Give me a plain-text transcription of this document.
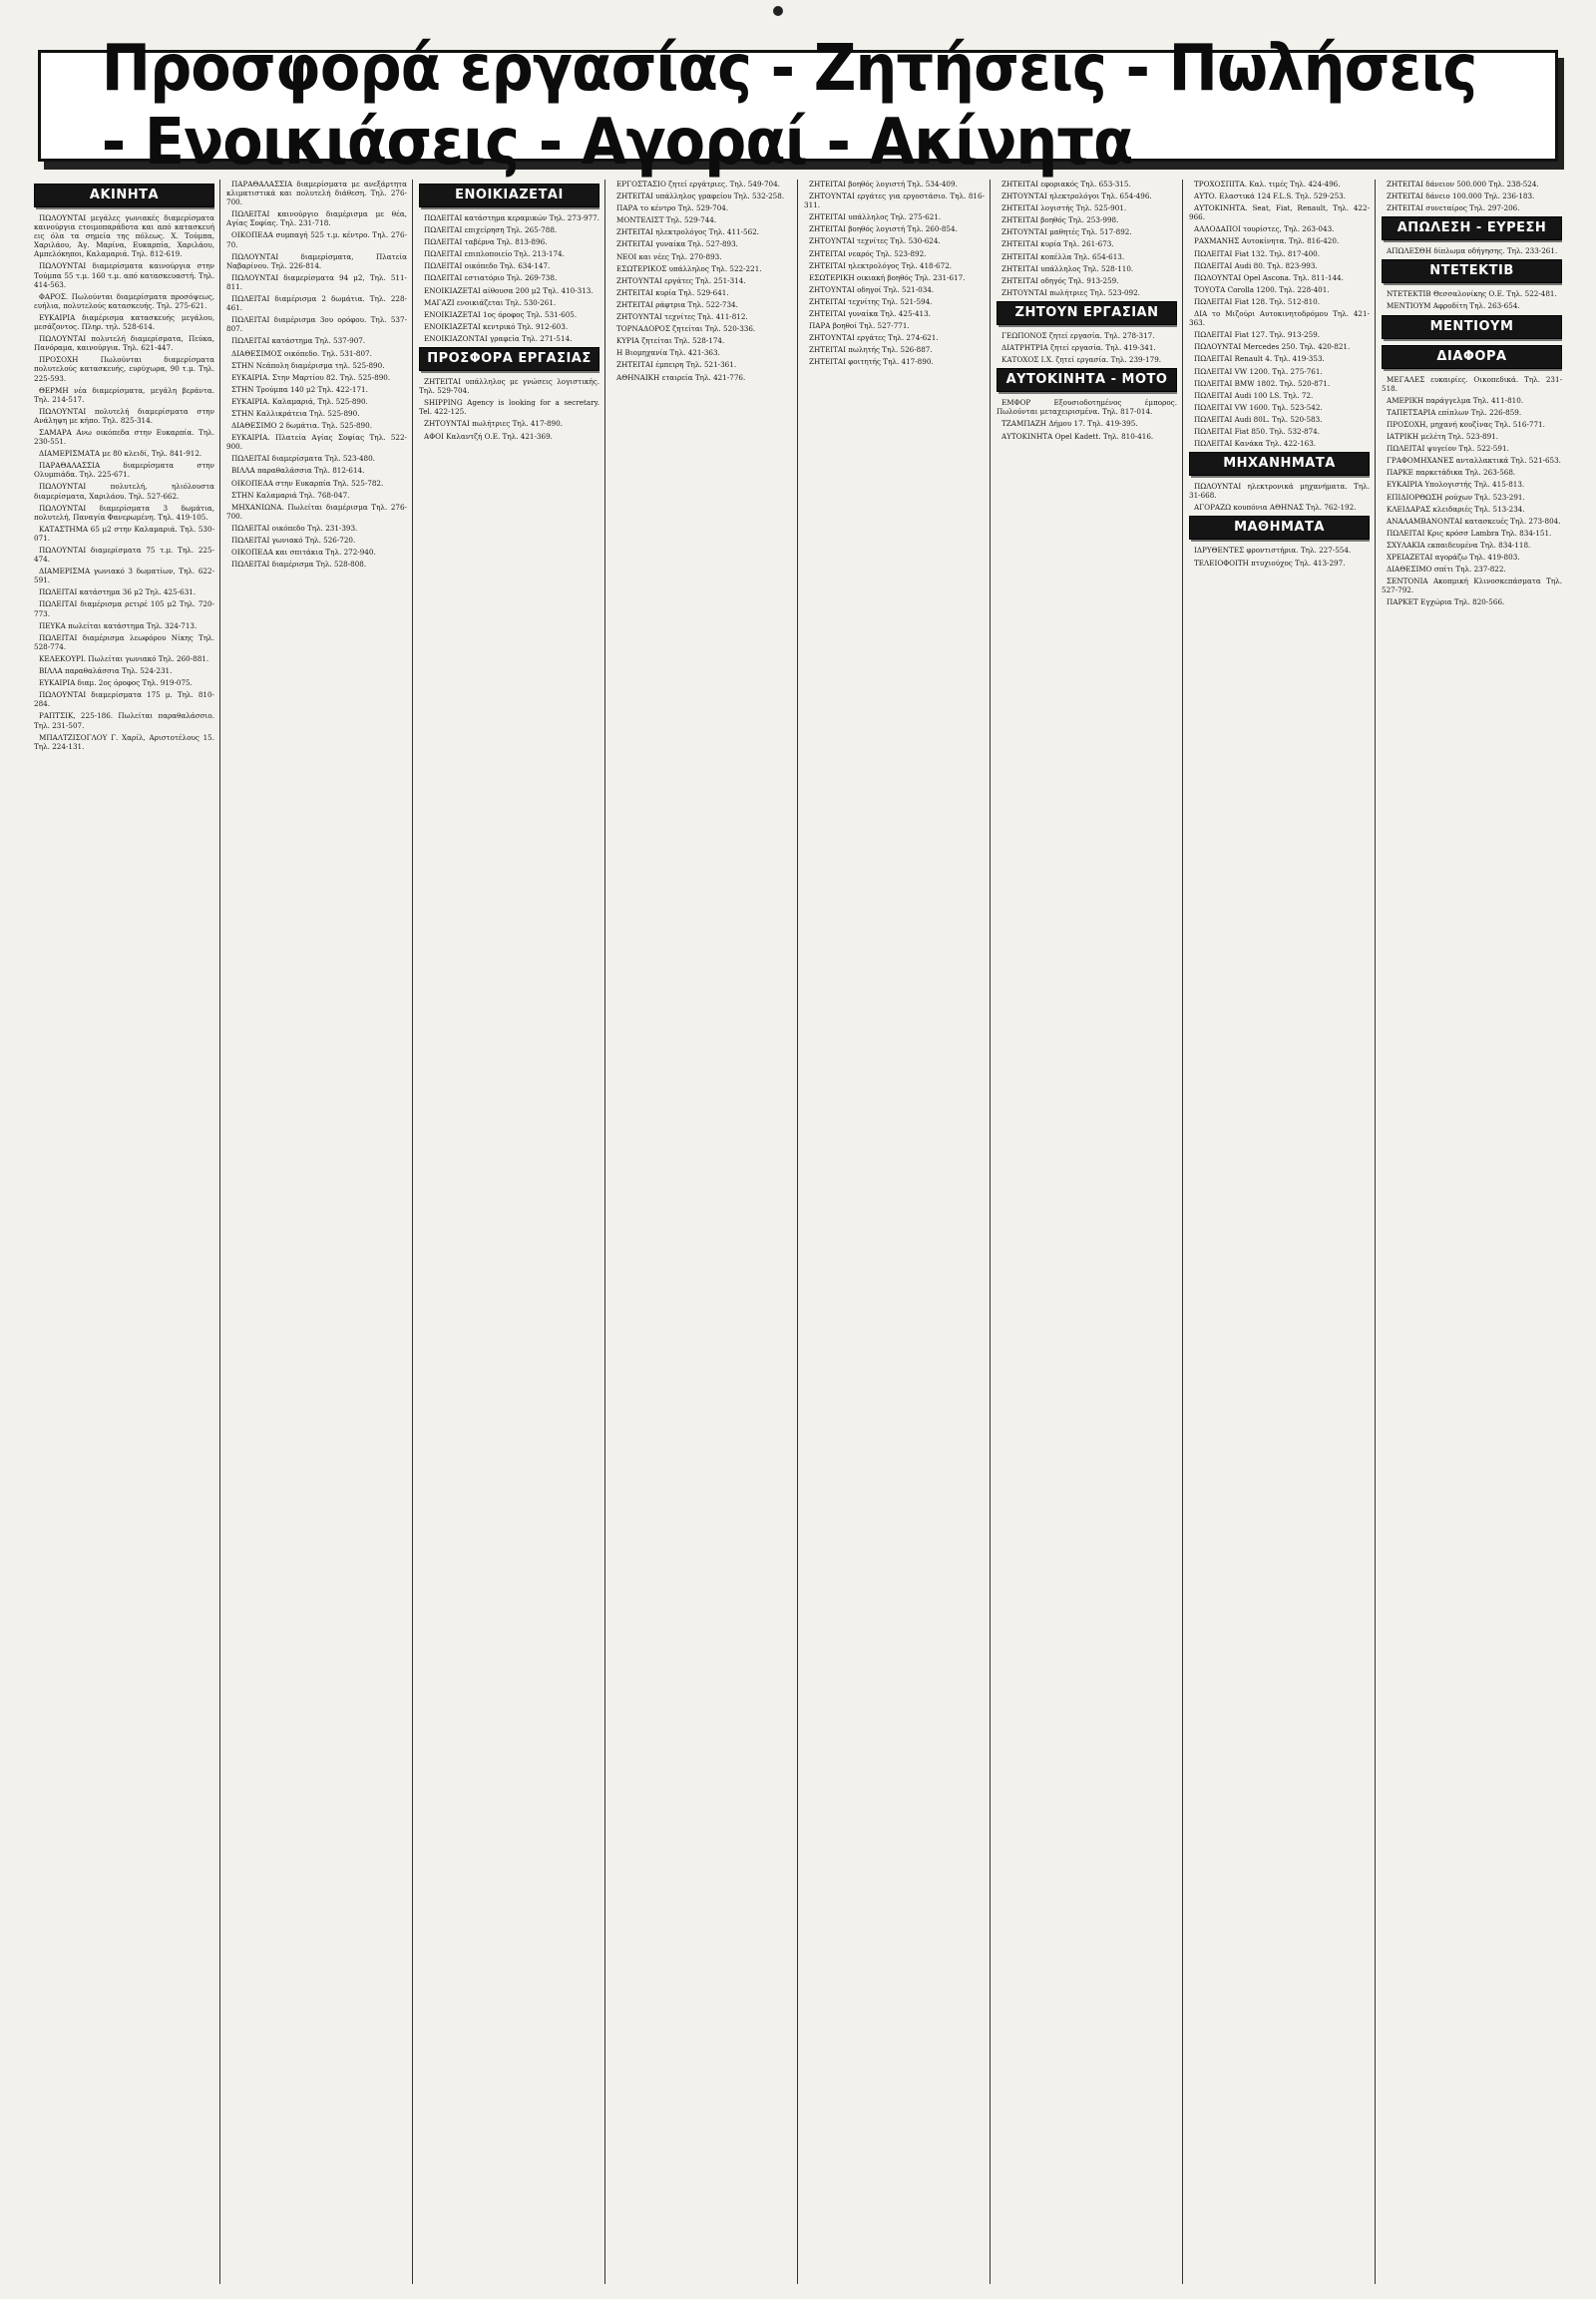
Προσφορά εργασίας - Ζητήσεις - Πωλήσεις - Ενοικιάσεις - Αγοραί - Ακίνητα
ΑΚΙΝΗΤΑ

ΠΩΛΟΥΝΤΑΙ μεγάλες γωνιακές διαμερίσματα καινούργια ετοιμοπαράδοτα και από κατασκευή εις όλα τα σημεία της πόλεως. Χ. Τούμπα, Χαριλάου, Άγ. Μαρίνα, Ευκαρπία, Χαριλάου, Αμπελόκηποι, Καλαμαριά. Τηλ. 812-619.

ΠΩΛΟΥΝΤΑΙ διαμερίσματα καινούργια στην Τούμπα 55 τ.μ. 160 τ.μ. από κατασκευαστή. Τηλ. 414-563.

ΦΑΡΟΣ. Πωλούνται διαμερίσματα προσόψεως, ευήλια, πολυτελούς κατασκευής. Τηλ. 275-621.

ΕΥΚΑΙΡΙΑ διαμέρισμα κατασκευής μεγάλου, μεσάζοντος. Πληρ. τηλ. 528-614.

ΠΩΛΟΥΝΤΑΙ πολυτελή διαμερίσματα, Πεύκα, Πανόραμα, καινούργια. Τηλ. 621-447.

ΠΡΟΣΟΧΗ Πωλούνται διαμερίσματα πολυτελούς κατασκευής, ευρύχωρα, 90 τ.μ. Τηλ. 225-593.

ΘΕΡΜΗ νέα διαμερίσματα, μεγάλη βεράντα. Τηλ. 214-517.

ΠΩΛΟΥΝΤΑΙ πολυτελή διαμερίσματα στην Ανάληψη με κήπο. Τηλ. 825-314.

ΣΑΜΑΡΑ Ανω οικόπεδα στην Ευκαρπία. Τηλ. 230-551.

ΔΙΑΜΕΡΙΣΜΑΤΑ με 80 κλειδί, Τηλ. 841-912.

ΠΑΡΑΘΑΛΑΣΣΙΑ διαμερίσματα στην Ολυμπιάδα. Τηλ. 225-671.

ΠΩΛΟΥΝΤΑΙ πολυτελή, ηλιόλουστα διαμερίσματα, Χαριλάου. Τηλ. 527-662.

ΠΩΛΟΥΝΤΑΙ διαμερίσματα 3 δωμάτια, πολυτελή, Παναγία Φανερωμένη. Τηλ. 419-105.

ΚΑΤΑΣΤΗΜΑ 65 μ2 στην Καλαμαριά. Τηλ. 530-071.

ΠΩΛΟΥΝΤΑΙ διαμερίσματα 75 τ.μ. Τηλ. 225-474.

ΔΙΑΜΕΡΙΣΜΑ γωνιακό 3 δωματίων, Τηλ. 622-591.

ΠΩΛΕΙΤΑΙ κατάστημα 36 μ2 Τηλ. 425-631.

ΠΩΛΕΙΤΑΙ διαμέρισμα ρετιρέ 105 μ2 Τηλ. 720-773.

ΠΕΥΚΑ πωλείται κατάστημα Τηλ. 324-713.

ΠΩΛΕΙΤΑΙ διαμέρισμα λεωφόρου Νίκης Τηλ. 528-774.

ΚΕΛΕΚΟΥΡΙ. Πωλείται γωνιακό Τηλ. 260-881.

ΒΙΛΛΑ παραθαλάσσια Τηλ. 524-231.

ΕΥΚΑΙΡΙΑ διαμ. 2ος όροφος Τηλ. 919-075.

ΠΩΛΟΥΝΤΑΙ διαμερίσματα 175 μ. Τηλ. 810-284.

ΡΑΠΤΣΙΚ, 225-186. Πωλείται παραθαλάσσιο. Τηλ. 231-507.

ΜΠΑΛΤΖΙΣΟΓΛΟΥ Γ. Χαρίλ, Αριστοτέλους 15. Τηλ. 224-131.

ΠΑΡΑΘΑΛΑΣΣΙΑ διαμερίσματα με ανεξάρτητα κλιματιστικά και πολυτελή διάθεση. Τηλ. 276-700.

ΠΩΛΕΙΤΑΙ καινούργιο διαμέρισμα με θέα, Αγίας Σοφίας. Τηλ. 231-718.

ΟΙΚΟΠΕΔΑ συμπαγή 525 τ.μ. κέντρο. Τηλ. 276-70.

ΠΩΛΟΥΝΤΑΙ διαμερίσματα, Πλατεία Ναβαρίνου. Τηλ. 226-814.

ΠΩΛΟΥΝΤΑΙ διαμερίσματα 94 μ2, Τηλ. 511-811.

ΠΩΛΕΙΤΑΙ διαμέρισμα 2 δωμάτια. Τηλ. 228-461.

ΠΩΛΕΙΤΑΙ διαμέρισμα 3ου ορόφου. Τηλ. 537-807.

ΠΩΛΕΙΤΑΙ κατάστημα Τηλ. 537-907.

ΔΙΑΘΕΣΙΜΟΣ οικόπεδο. Τηλ. 531-807.

ΣΤΗΝ Νεάπολη διαμέρισμα τηλ. 525-890.

ΕΥΚΑΙΡΙΑ. Στην Μαρτίου 82. Τηλ. 525-890.

ΣΤΗΝ Τρούμπα 140 μ2 Τηλ. 422-171.

ΕΥΚΑΙΡΙΑ. Καλαμαριά, Τηλ. 525-890.

ΣΤΗΝ Καλλικράτεια Τηλ. 525-890.

ΔΙΑΘΕΣΙΜΟ 2 δωμάτια. Τηλ. 525-890.

ΕΥΚΑΙΡΙΑ. Πλατεία Αγίας Σοφίας Τηλ. 522-900.

ΠΩΛΕΙΤΑΙ διαμερίσματα Τηλ. 523-480.

ΒΙΛΛΑ παραθαλάσσια Τηλ. 812-614.

ΟΙΚΟΠΕΔΑ στην Ευκαρπία Τηλ. 525-782.

ΣΤΗΝ Καλαμαριά Τηλ. 768-047.

ΜΗΧΑΝΙΩΝΑ. Πωλείται διαμέρισμα Τηλ. 276-700.

ΠΩΛΕΙΤΑΙ οικόπεδο Τηλ. 231-393.

ΠΩΛΕΙΤΑΙ γωνιακό Τηλ. 526-720.

ΟΙΚΟΠΕΔΑ και σπιτάκια Τηλ. 272-940.

ΠΩΛΕΙΤΑΙ διαμέρισμα Τηλ. 528-808.

ΕΝΟΙΚΙΑΖΕΤΑΙ

ΠΩΛΕΙΤΑΙ κατάστημα κεραμικών Τηλ. 273-977.

ΠΩΛΕΙΤΑΙ επιχείρηση Τηλ. 265-788.

ΠΩΛΕΙΤΑΙ ταβέρνα Τηλ. 813-896.

ΠΩΛΕΙΤΑΙ επιπλοποιείο Τηλ. 213-174.

ΠΩΛΕΙΤΑΙ οικόπεδο Τηλ. 634-147.

ΠΩΛΕΙΤΑΙ εστιατόριο Τηλ. 269-738.

ΕΝΟΙΚΙΑΖΕΤΑΙ αίθουσα 200 μ2 Τηλ. 410-313.

ΜΑΓΑΖΙ ενοικιάζεται Τηλ. 530-261.

ΕΝΟΙΚΙΑΖΕΤΑΙ 1ος όροφος Τηλ. 531-605.

ΕΝΟΙΚΙΑΖΕΤΑΙ κεντρικό Τηλ. 912-603.

ΕΝΟΙΚΙΑΖΟΝΤΑΙ γραφεία Τηλ. 271-514.

ΠΡΟΣΦΟΡΑ ΕΡΓΑΣΙΑΣ

ΖΗΤΕΙΤΑΙ υπάλληλος με γνώσεις λογιστικής. Τηλ. 529-704.

SHIPPING Agency is looking for a secretary. Tel. 422-125.

ΖΗΤΟΥΝΤΑΙ πωλήτριες Τηλ. 417-890.

ΑΦΟΙ Καλαντζή Ο.Ε. Τηλ. 421-369.

ΕΡΓΟΣΤΑΣΙΟ ζητεί εργάτριες. Τηλ. 549-704.

ΖΗΤΕΙΤΑΙ υπάλληλος γραφείου Τηλ. 532-258.

ΠΑΡΑ το κέντρο Τηλ. 529-704.

ΜΟΝΤΕΛΙΣΤ Τηλ. 529-744.

ΖΗΤΕΙΤΑΙ ηλεκτρολόγος Τηλ. 411-562.

ΖΗΤΕΙΤΑΙ γυναίκα Τηλ. 527-893.

ΝΕΟΙ και νέες Τηλ. 270-893.

ΕΣΩΤΕΡΙΚΟΣ υπάλληλος Τηλ. 522-221.

ΖΗΤΟΥΝΤΑΙ εργάτες Τηλ. 251-314.

ΖΗΤΕΙΤΑΙ κυρία Τηλ. 529-641.

ΖΗΤΕΙΤΑΙ ράφτρια Τηλ. 522-734.

ΖΗΤΟΥΝΤΑΙ τεχνίτες Τηλ. 411-812.

ΤΟΡΝΑΔΟΡΟΣ ζητείται Τηλ. 520-336.

ΚΥΡΙΑ ζητείται Τηλ. 528-174.

Η Βιομηχανία Τηλ. 421-363.

ΖΗΤΕΙΤΑΙ έμπειρη Τηλ. 521-361.

ΑΘΗΝΑΙΚΗ εταιρεία Τηλ. 421-776.

ΖΗΤΕΙΤΑΙ βοηθός λογιστή Τηλ. 534-409.

ΖΗΤΟΥΝΤΑΙ εργάτες για εργοστάσιο. Τηλ. 816-311.

ΖΗΤΕΙΤΑΙ υπάλληλος Τηλ. 275-621.

ΖΗΤΕΙΤΑΙ βοηθός λογιστή Τηλ. 260-854.

ΖΗΤΟΥΝΤΑΙ τεχνίτες Τηλ. 530-624.

ΖΗΤΕΙΤΑΙ νεαρός Τηλ. 523-892.

ΖΗΤΕΙΤΑΙ ηλεκτρολόγος Τηλ. 418-672.

ΕΣΩΤΕΡΙΚΗ οικιακή βοηθός Τηλ. 231-617.

ΖΗΤΟΥΝΤΑΙ οδηγοί Τηλ. 521-034.

ΖΗΤΕΙΤΑΙ τεχνίτης Τηλ. 521-594.

ΖΗΤΕΙΤΑΙ γυναίκα Τηλ. 425-413.

ΠΑΡΑ βοηθοί Τηλ. 527-771.

ΖΗΤΟΥΝΤΑΙ εργάτες Τηλ. 274-621.

ΖΗΤΕΙΤΑΙ πωλητής Τηλ. 526-887.

ΖΗΤΕΙΤΑΙ φοιτητής Τηλ. 417-890.

ΖΗΤΕΙΤΑΙ εφοριακός Τηλ. 653-315.

ΖΗΤΟΥΝΤΑΙ ηλεκτρολόγοι Τηλ. 654-496.

ΖΗΤΕΙΤΑΙ λογιστής Τηλ. 525-901.

ΖΗΤΕΙΤΑΙ βοηθός Τηλ. 253-998.

ΖΗΤΟΥΝΤΑΙ μαθητές Τηλ. 517-892.

ΖΗΤΕΙΤΑΙ κυρία Τηλ. 261-673.

ΖΗΤΕΙΤΑΙ κοπέλλα Τηλ. 654-613.

ΖΗΤΕΙΤΑΙ υπάλληλος Τηλ. 528-110.

ΖΗΤΕΙΤΑΙ οδηγός Τηλ. 913-259.

ΖΗΤΟΥΝΤΑΙ πωλήτριες Τηλ. 523-092.

ΖΗΤΟΥΝ ΕΡΓΑΣΙΑΝ

ΓΕΩΠΟΝΟΣ ζητεί εργασία. Τηλ. 278-317.

ΔΙΑΤΡΗΤΡΙΑ ζητεί εργασία. Τηλ. 419-341.

ΚΑΤΟΧΟΣ Ι.Χ. ζητεί εργασία. Τηλ. 239-179.

ΑΥΤΟΚΙΝΗΤΑ - ΜΟΤΟ

ΕΜΦΟΡ Εξουσιοδοτημένος έμπορος. Πωλούνται μεταχειρισμένα. Τηλ. 817-014.

ΤΖΑΜΠΑΖΗ Δήμου 17. Τηλ. 419-395.

ΑΥΤΟΚΙΝΗΤΑ Opel Kadett. Τηλ. 810-416.

ΤΡΟΧΟΣΠΙΤΑ. Καλ. τιμές Τηλ. 424-496.

ΑΥΤΟ. Ελαστικά 124 F.L.S. Τηλ. 529-253.

ΑΥΤΟΚΙΝΗΤΑ. Seat, Fiat, Renault, Τηλ. 422-966.

ΑΛΛΟΔΑΠΟΙ τουρίστες, Τηλ. 263-043.

ΡΑΧΜΑΝΗΣ Αυτοκίνητα. Τηλ. 816-420.

ΠΩΛΕΙΤΑΙ Fiat 132. Τηλ. 817-400.

ΠΩΛΕΙΤΑΙ Audi 80. Τηλ. 823-993.

ΠΩΛΟΥΝΤΑΙ Opel Ascona. Τηλ. 811-144.

ΤΟΥΟΤΑ Corolla 1200. Τηλ. 228-401.

ΠΩΛΕΙΤΑΙ Fiat 128. Τηλ. 512-810.

ΔΙΑ το Μιζούρι Αυτοκινητοδρόμου Τηλ. 421-363.

ΠΩΛΕΙΤΑΙ Fiat 127. Τηλ. 913-259.

ΠΩΛΟΥΝΤΑΙ Mercedes 250. Τηλ. 420-821.

ΠΩΛΕΙΤΑΙ Renault 4. Τηλ. 419-353.

ΠΩΛΕΙΤΑΙ VW 1200. Τηλ. 275-761.

ΠΩΛΕΙΤΑΙ BMW 1802. Τηλ. 520-871.

ΠΩΛΕΙΤΑΙ Audi 100 LS. Τηλ. 72.

ΠΩΛΕΙΤΑΙ VW 1600. Τηλ. 523-542.

ΠΩΛΕΙΤΑΙ Audi 80L. Τηλ. 520-583.

ΠΩΛΕΙΤΑΙ Fiat 850. Τηλ. 532-874.

ΠΩΛΕΙΤΑΙ Κανάκα Τηλ. 422-163.

ΜΗΧΑΝΗΜΑΤΑ

ΠΩΛΟΥΝΤΑΙ ηλεκτρονικά μηχανήματα. Τηλ. 31-668.

ΑΓΟΡΑΖΩ κουπόνια ΑΘΗΝΑΣ Τηλ. 762-192.

ΜΑΘΗΜΑΤΑ

ΙΔΡΥΘΕΝΤΕΣ φροντιστήρια. Τηλ. 227-554.

ΤΕΛΕΙΟΦΟΙΤΗ πτυχιούχος Τηλ. 413-297.

ΖΗΤΕΙΤΑΙ δάνειον 500.000 Τηλ. 238-524.

ΖΗΤΕΙΤΑΙ δάνειο 100.000 Τηλ. 236-183.

ΖΗΤΕΙΤΑΙ συνεταίρος Τηλ. 297-206.

ΑΠΩΛΕΣΗ - ΕΥΡΕΣΗ

ΑΠΩΛΕΣΘΗ δίπλωμα οδήγησης. Τηλ. 233-261.

ΝΤΕΤΕΚΤΙΒ

ΝΤΕΤΕΚΤΙΒ Θεσσαλονίκης Ο.Ε. Τηλ. 522-481.

ΜΕΝΤΙΟΥΜ Αφροδίτη Τηλ. 263-654.

ΜΕΝΤΙΟΥΜ
ΔΙΑΦΟΡΑ

ΜΕΓΑΛΕΣ ευκαιρίες. Οικοπεδικά. Τηλ. 231-518.

ΑΜΕΡΙΚΗ παράγγελμα Τηλ. 411-810.

ΤΑΠΕΤΣΑΡΙΑ επίπλων Τηλ. 226-859.

ΠΡΟΣΟΧΗ, μηχανή κουζίνας Τηλ. 516-771.

ΙΑΤΡΙΚΗ μελέτη Τηλ. 523-891.

ΠΩΛΕΙΤΑΙ ψυγείον Τηλ. 522-591.

ΓΡΑΦΟΜΗΧΑΝΕΣ ανταλλακτικά Τηλ. 521-653.

ΠΑΡΚΕ παρκετάδικα Τηλ. 263-568.

ΕΥΚΑΙΡΙΑ Υπολογιστής Τηλ. 415-813.

ΕΠΙΔΙΟΡΘΩΣΗ ρούχων Τηλ. 523-291.

ΚΛΕΙΔΑΡΑΣ κλειδαριές Τηλ. 513-234.

ΑΝΑΛΑΜΒΑΝΟΝΤΑΙ κατασκευές Τηλ. 273-804.

ΠΩΛΕΙΤΑΙ Κρις κρόσσ Lambra Τηλ. 834-151.

ΣΧΥΛΑΚΙΑ εκπαιδευμένα Τηλ. 834-118.

ΧΡΕΙΑΖΕΤΑΙ αγοράζω Τηλ. 419-803.

ΔΙΑΘΕΣΙΜΟ σπίτι Τηλ. 237-822.

ΣΕΝΤΟΝΙΑ Ακοπμική Κλινοσκεπάσματα Τηλ. 527-792.

ΠΑΡΚΕΤ Εγχώρια Τηλ. 820-566.
